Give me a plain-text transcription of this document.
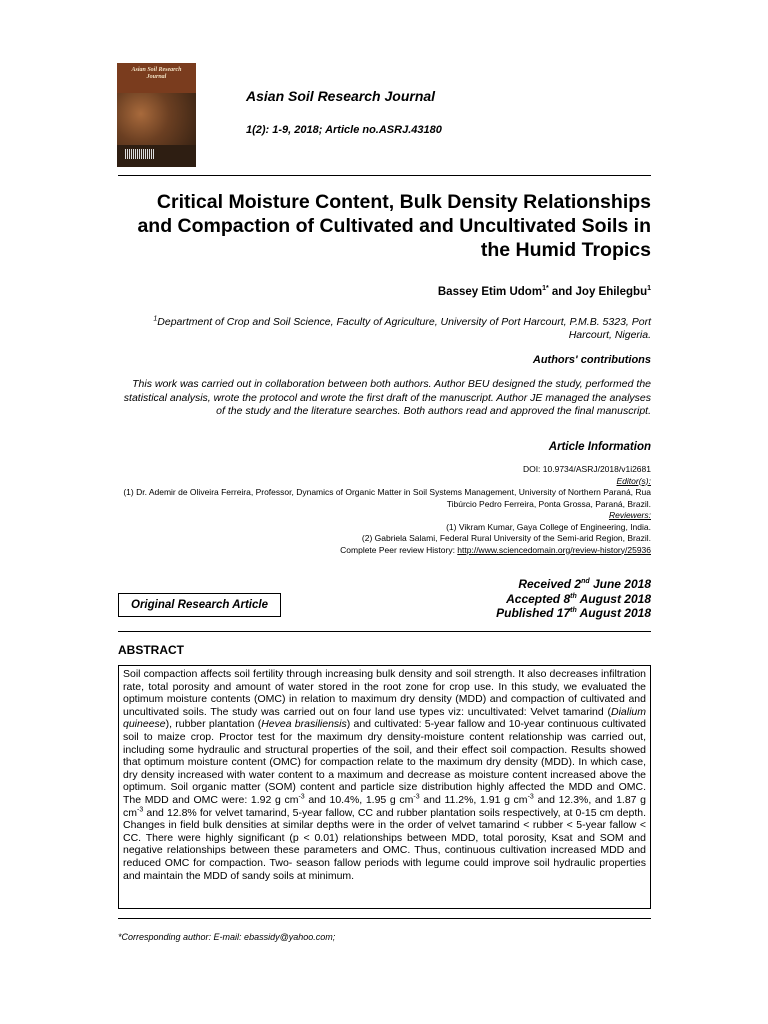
Asian Soil Research Journal
Asian Soil Research Journal
1(2): 1-9, 2018; Article no.ASRJ.43180
Critical Moisture Content, Bulk Density Relationships and Compaction of Cultivated and Uncultivated Soils in the Humid Tropics
Bassey Etim Udom$^{1*}$ and Joy Ehilegbu$^1$
$^1$Department of Crop and Soil Science, Faculty of Agriculture, University of Port Harcourt, P.M.B. 5323, Port Harcourt, Nigeria.
Authors' contributions
This work was carried out in collaboration between both authors. Author BEU designed the study, performed the statistical analysis, wrote the protocol and wrote the first draft of the manuscript. Author JE managed the analyses of the study and the literature searches. Both authors read and approved the final manuscript.
Article Information
DOI: 10.9734/ASRJ/2018/v1i2681
Editor(s):
(1) Dr. Ademir de Oliveira Ferreira, Professor, Dynamics of Organic Matter in Soil Systems Management, University of Northern Paraná, Rua Tibúrcio Pedro Ferreira, Ponta Grossa, Paraná, Brazil.
Reviewers:
(1) Vikram Kumar, Gaya College of Engineering, India.
(2) Gabriela Salami, Federal Rural University of the Semi-arid Region, Brazil.
Complete Peer review History: http://www.sciencedomain.org/review-history/25936
Original Research Article
Received 2nd June 2018
Accepted 8th August 2018
Published 17th August 2018
ABSTRACT
Soil compaction affects soil fertility through increasing bulk density and soil strength. It also decreases infiltration rate, total porosity and amount of water stored in the root zone for crop use. In this study, we evaluated the optimum moisture contents (OMC) in relation to maximum dry density (MDD) and compaction of cultivated and uncultivated soils. The study was carried out on four land use types viz: uncultivated: Velvet tamarind (Dialium quineese), rubber plantation (Hevea brasiliensis) and cultivated: 5-year fallow and 10-year continuous cultivated soil to maize crop. Proctor test for the maximum dry density-moisture content relationship was carried out, including some hydraulic and structural properties of the soil, and their effect soil compaction. Results showed that optimum moisture content (OMC) for compaction relate to the maximum dry density (MDD). In which case, dry density increased with water content to a maximum and decrease as moisture content increased above the optimum. Soil organic matter (SOM) content and particle size distribution highly affected the MDD and OMC. The MDD and OMC were: 1.92 g $cm^{-3}$ and 10.4%, 1.95 g $cm^{-3}$ and 11.2%, 1.91 g $cm^{-3}$ and 12.3%, and 1.87 g $cm^{-3}$ and 12.8% for velvet tamarind, 5-year fallow, CC and rubber plantation soils respectively, at 0-15 cm depth. Changes in field bulk densities at similar depths were in the order of velvet tamarind < rubber < 5-year fallow < CC. There were highly significant (p < 0.01) relationships between MDD, total porosity, Ksat and SOM and negative relationships between these parameters and OMC. Thus, continuous cultivation increased MDD and reduced OMC for compaction. Two- season fallow periods with legume could improve soil hydraulic properties and maintain the MDD of sandy soils at minimum.
*Corresponding author: E-mail: ebassidy@yahoo.com;
